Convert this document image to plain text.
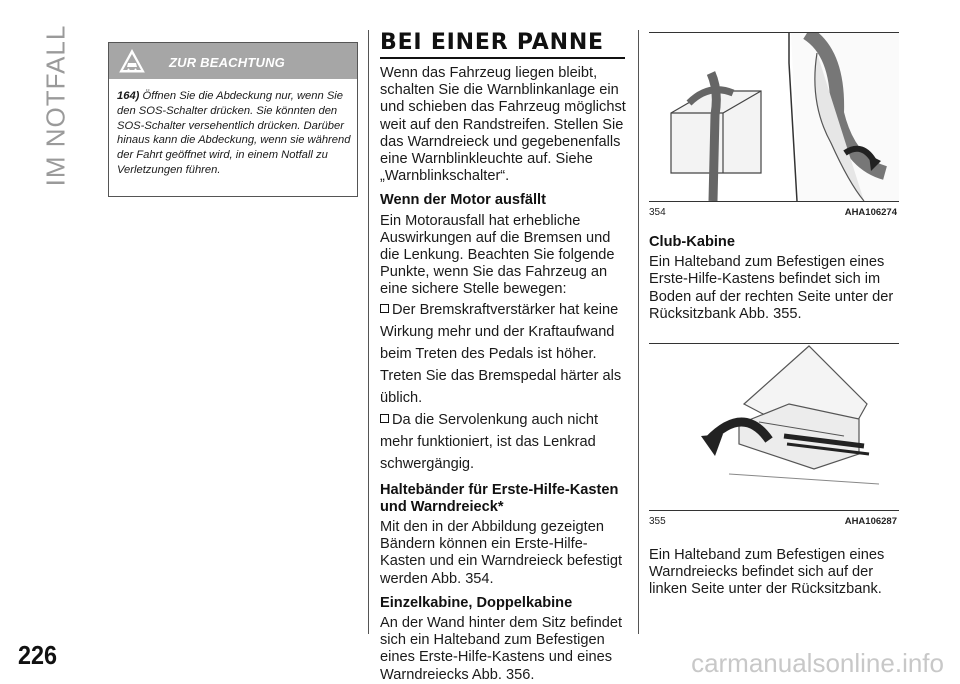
IM NOTFALL	ZUR BEACHTUNG
164) Öffnen Sie die Abdeckung nur, wenn Sie den SOS-Schalter drücken. Sie könnten den SOS-Schalter versehentlich drücken. Darüber hinaus kann die Abdeckung, wenn sie während der Fahrt geöffnet wird, in einem Notfall zu Verletzungen führen.
BEI EINER PANNE

Wenn das Fahrzeug liegen bleibt, schalten Sie die Warnblinkanlage ein und schieben das Fahrzeug möglichst weit auf den Randstreifen. Stellen Sie das Warndreieck und gegebenenfalls eine Warnblinkleuchte auf. Siehe „Warnblinkschalter“.

Wenn der Motor ausfällt

Ein Motorausfall hat erhebliche Auswirkungen auf die Bremsen und die Lenkung. Beachten Sie folgende Punkte, wenn Sie das Fahrzeug an eine sichere Stelle bewegen:

Der Bremskraftverstärker hat keine Wirkung mehr und der Kraftaufwand beim Treten des Pedals ist höher. Treten Sie das Bremspedal härter als üblich.

Da die Servolenkung auch nicht mehr funktioniert, ist das Lenkrad schwergängig.

Haltebänder für Erste-Hilfe-Kasten und Warndreieck*

Mit den in der Abbildung gezeigten Bändern können ein Erste-Hilfe-Kasten und ein Warndreieck befestigt werden Abb. 354.

Einzelkabine, Doppelkabine

An der Wand hinter dem Sitz befindet sich ein Halteband zum Befestigen eines Erste-Hilfe-Kastens und eines Warndreiecks Abb. 356.

354	AHA106274

Club-Kabine

Ein Halteband zum Befestigen eines Erste-Hilfe-Kastens befindet sich im Boden auf der rechten Seite unter der Rücksitzbank Abb. 355.

355	AHA106287

Ein Halteband zum Befestigen eines Warndreiecks befindet sich auf der linken Seite unter der Rücksitzbank.

226	carmanualsonline.info
